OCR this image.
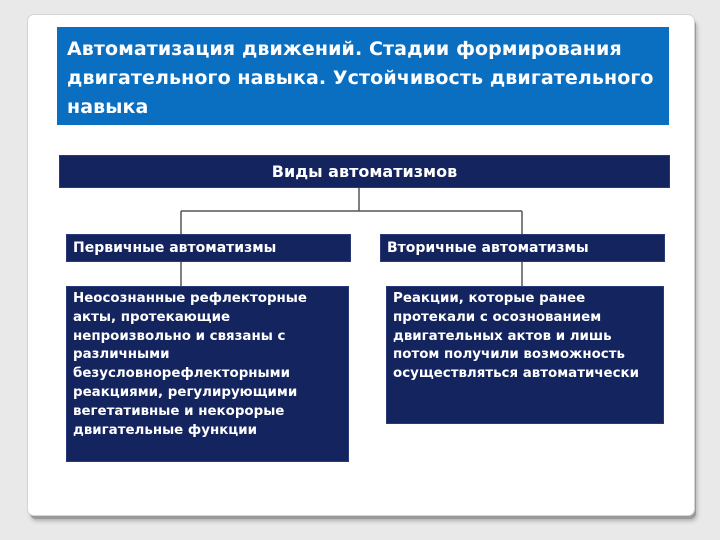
Автоматизация движений. Стадии формирования двигательного навыка. Устойчивость двигательного навыка
Виды автоматизмов
Первичные автоматизмы	Вторичные автоматизмы
Неосознанные рефлекторные акты, протекающие непроизвольно и связаны с различными безусловнорефлекторными реакциями, регулирующими вегетативные и некорорые двигательные функции
Реакции, которые ранее протекали с осознованием двигательных актов и лишь потом получили возможность осуществляться автоматически
